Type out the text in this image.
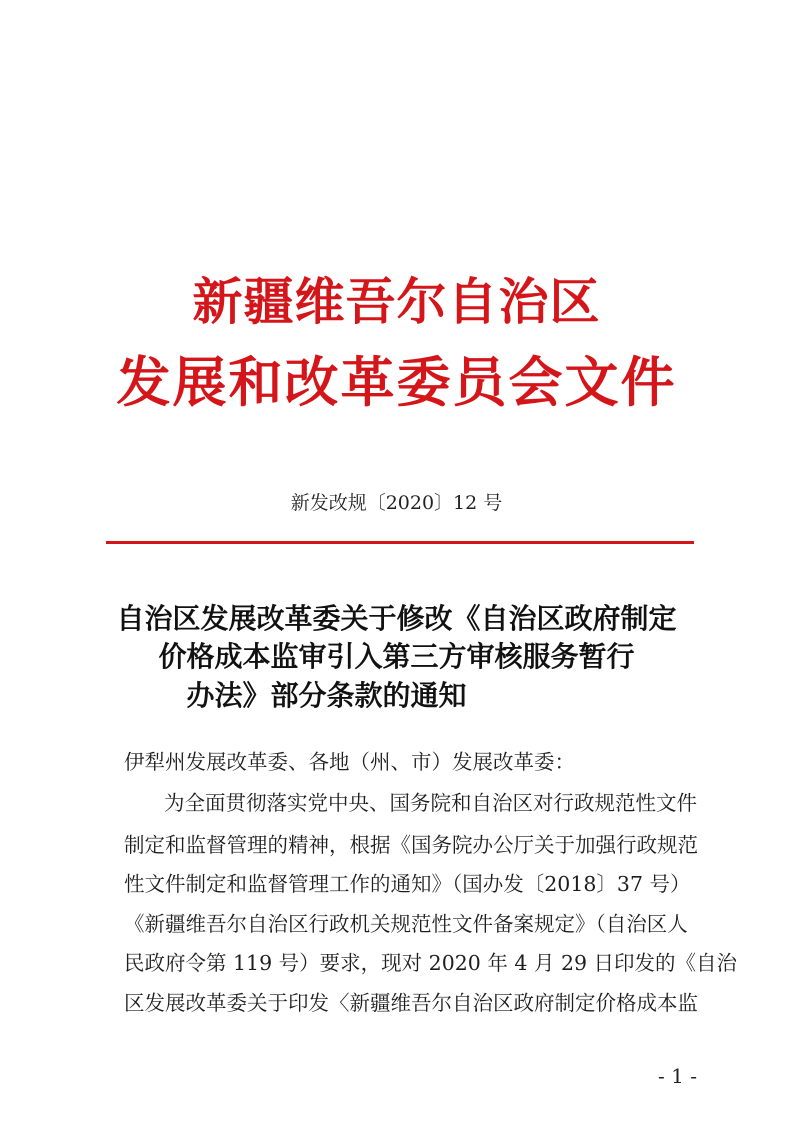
新疆维吾尔自治区
发展和改革委员会文件
新发改规〔2020〕12 号
自治区发展改革委关于修改《自治区政府制定
价格成本监审引入第三方审核服务暂行
办法》部分条款的通知
伊犁州发展改革委、各地（州、市）发展改革委：
为全面贯彻落实党中央、国务院和自治区对行政规范性文件
制定和监督管理的精神，根据《国务院办公厅关于加强行政规范
性文件制定和监督管理工作的通知》（国办发〔2018〕37 号）
《新疆维吾尔自治区行政机关规范性文件备案规定》（自治区人
民政府令第 119 号）要求，现对 2020 年 4 月 29 日印发的《自治
区发展改革委关于印发〈新疆维吾尔自治区政府制定价格成本监
- 1 -
